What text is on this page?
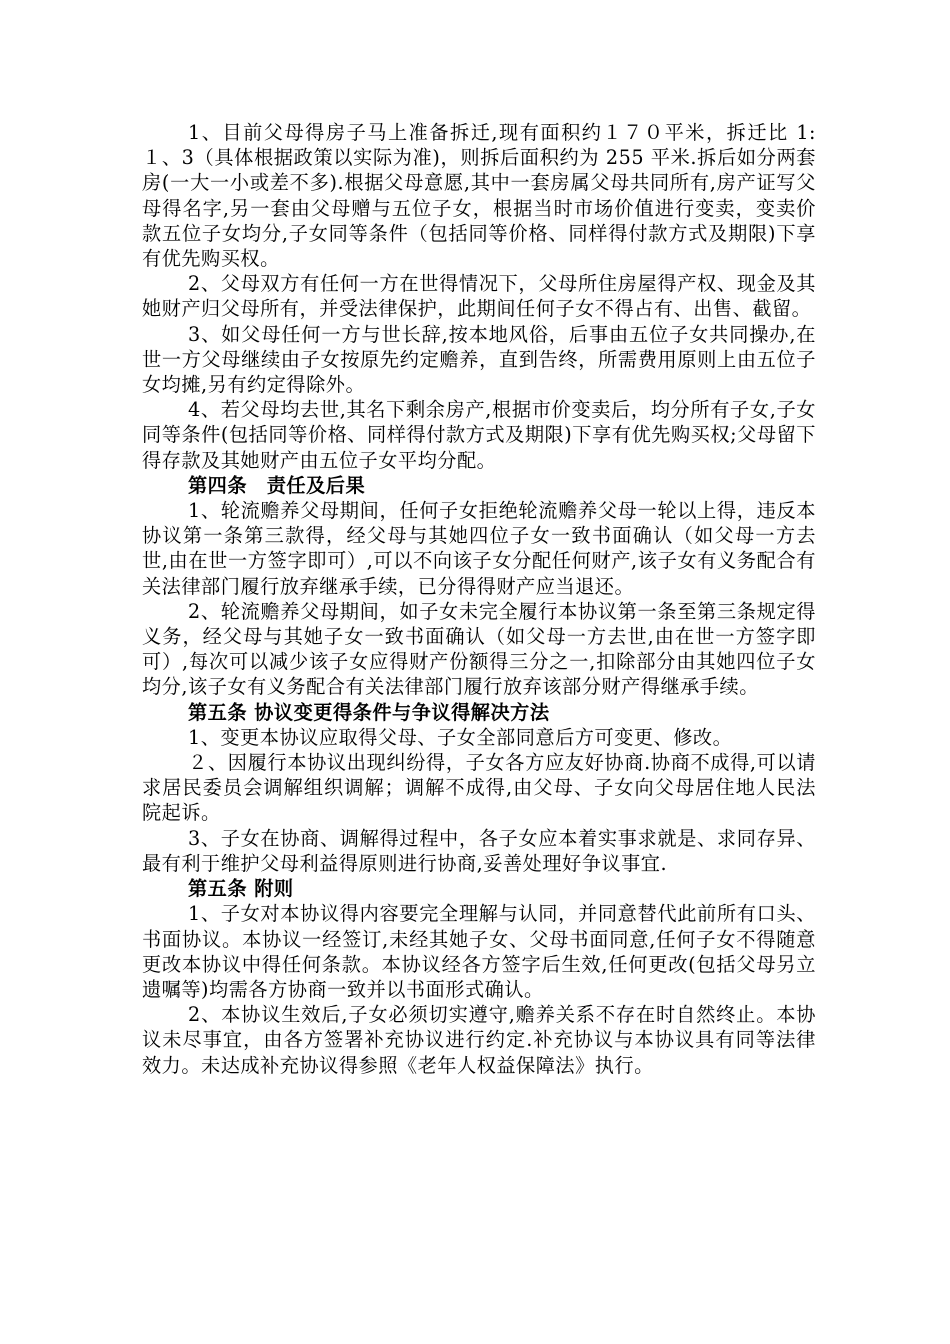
1、目前父母得房子马上准备拆迁,现有面积约１７０平米，拆迁比 1:１、3（具体根据政策以实际为准)，则拆后面积约为 255 平米.拆后如分两套房(一大一小或差不多).根据父母意愿,其中一套房属父母共同所有,房产证写父母得名字,另一套由父母赠与五位子女，根据当时市场价值进行变卖，变卖价款五位子女均分,子女同等条件（包括同等价格、同样得付款方式及期限)下享有优先购买权。

2、父母双方有任何一方在世得情况下，父母所住房屋得产权、现金及其她财产归父母所有，并受法律保护，此期间任何子女不得占有、出售、截留。

3、如父母任何一方与世长辞,按本地风俗，后事由五位子女共同操办,在世一方父母继续由子女按原先约定赡养，直到告终，所需费用原则上由五位子女均摊,另有约定得除外。

4、若父母均去世,其名下剩余房产,根据市价变卖后，均分所有子女,子女同等条件(包括同等价格、同样得付款方式及期限)下享有优先购买权;父母留下得存款及其她财产由五位子女平均分配。

第四条　责任及后果

1、轮流赡养父母期间，任何子女拒绝轮流赡养父母一轮以上得，违反本协议第一条第三款得，经父母与其她四位子女一致书面确认（如父母一方去世,由在世一方签字即可）,可以不向该子女分配任何财产,该子女有义务配合有关法律部门履行放弃继承手续，已分得得财产应当退还。

2、轮流赡养父母期间，如子女未完全履行本协议第一条至第三条规定得义务，经父母与其她子女一致书面确认（如父母一方去世,由在世一方签字即可）,每次可以减少该子女应得财产份额得三分之一,扣除部分由其她四位子女均分,该子女有义务配合有关法律部门履行放弃该部分财产得继承手续。

第五条 协议变更得条件与争议得解决方法

1、变更本协议应取得父母、子女全部同意后方可变更、修改。

２、因履行本协议出现纠纷得，子女各方应友好协商.协商不成得,可以请求居民委员会调解组织调解；调解不成得,由父母、子女向父母居住地人民法院起诉。

3、子女在协商、调解得过程中，各子女应本着实事求就是、求同存异、最有利于维护父母利益得原则进行协商,妥善处理好争议事宜.

第五条 附则

1、子女对本协议得内容要完全理解与认同，并同意替代此前所有口头、书面协议。本协议一经签订,未经其她子女、父母书面同意,任何子女不得随意更改本协议中得任何条款。本协议经各方签字后生效,任何更改(包括父母另立遗嘱等)均需各方协商一致并以书面形式确认。

2、本协议生效后,子女必须切实遵守,赡养关系不存在时自然终止。本协议未尽事宜，由各方签署补充协议进行约定.补充协议与本协议具有同等法律效力。未达成补充协议得参照《老年人权益保障法》执行。
